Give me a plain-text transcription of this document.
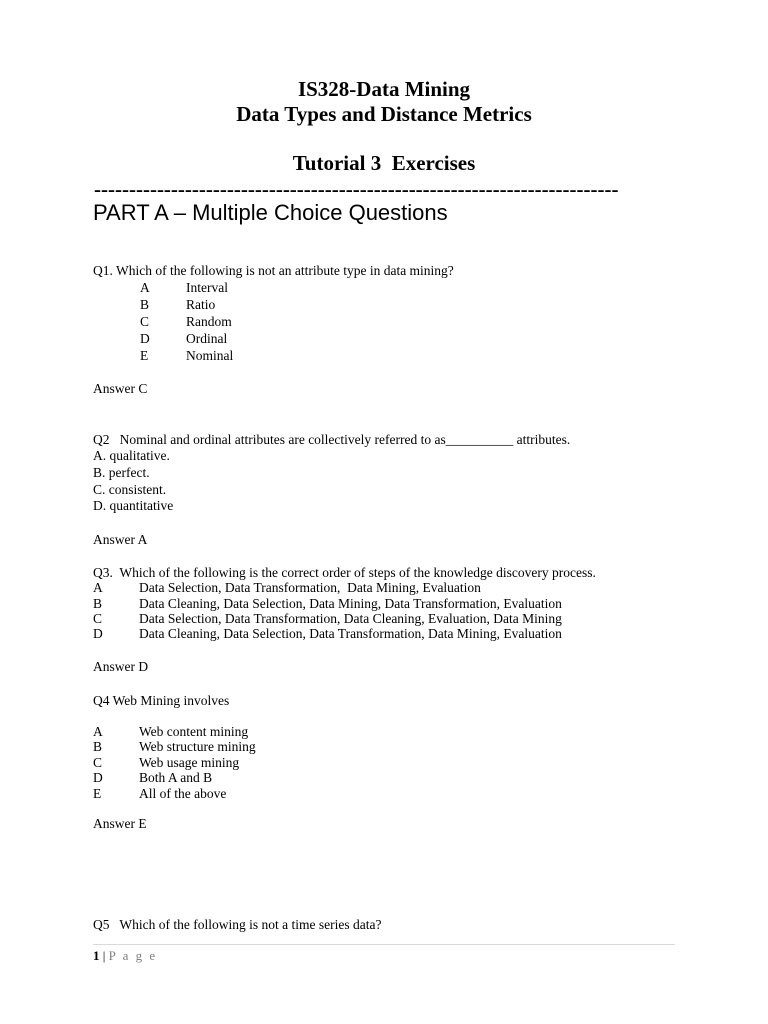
IS328-Data Mining
Data Types and Distance Metrics
Tutorial 3  Exercises
---------------------------------------------------------------------------
PART A – Multiple Choice Questions
Q1. Which of the following is not an attribute type in data mining?
A	Interval
B	Ratio
C	Random
D	Ordinal
E	Nominal
Answer C
Q2   Nominal and ordinal attributes are collectively referred to as__________ attributes.
A. qualitative.
B. perfect.
C. consistent.
D. quantitative
Answer A
Q3.  Which of the following is the correct order of steps of the knowledge discovery process.
A	Data Selection, Data Transformation,  Data Mining, Evaluation
B	Data Cleaning, Data Selection, Data Mining, Data Transformation, Evaluation
C	Data Selection, Data Transformation, Data Cleaning, Evaluation, Data Mining
D	Data Cleaning, Data Selection, Data Transformation, Data Mining, Evaluation
Answer D
Q4 Web Mining involves
A	Web content mining
B	Web structure mining
C	Web usage mining
D	Both A and B
E	All of the above
Answer E
Q5   Which of the following is not a time series data?
1 | P a g e
